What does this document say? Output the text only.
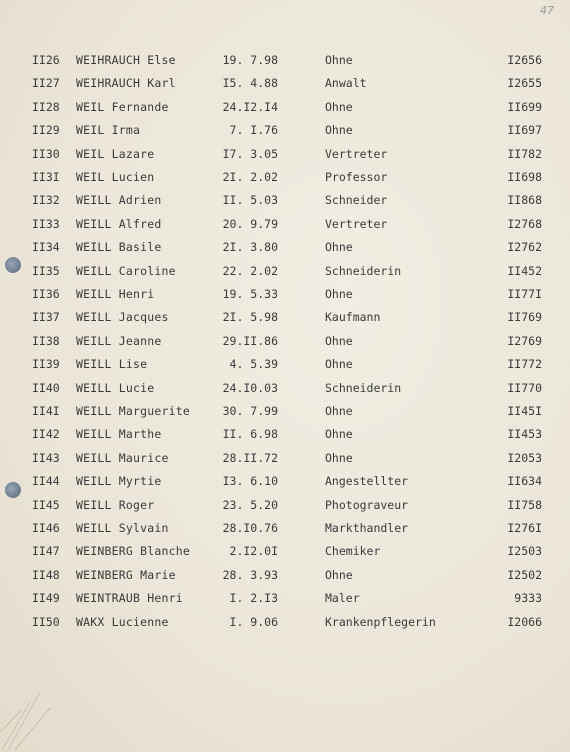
47
II26 WEIHRAUCH Else	19. 7.98	Ohne	I2656
II27 WEIHRAUCH Karl	I5. 4.88	Anwalt	I2655
II28 WEIL Fernande	24.I2.I4	Ohne	II699
II29 WEIL Irma	7. I.76	Ohne	II697
II30 WEIL Lazare	I7. 3.05	Vertreter	II782
II3I WEIL Lucien	2I. 2.02	Professor	II698
II32 WEILL Adrien	II. 5.03	Schneider	II868
II33 WEILL Alfred	20. 9.79	Vertreter	I2768
II34 WEILL Basile	2I. 3.80	Ohne	I2762
II35 WEILL Caroline	22. 2.02	Schneiderin	II452
II36 WEILL Henri	19. 5.33	Ohne	II77I
II37 WEILL Jacques	2I. 5.98	Kaufmann	II769
II38 WEILL Jeanne	29.II.86	Ohne	I2769
II39 WEILL Lise	4. 5.39	Ohne	II772
II40 WEILL Lucie	24.I0.03	Schneiderin	II770
II4I WEILL Marguerite	30. 7.99	Ohne	II45I
II42 WEILL Marthe	II. 6.98	Ohne	II453
II43 WEILL Maurice	28.II.72	Ohne	I2053
II44 WEILL Myrtie	I3. 6.10	Angestellter	II634
II45 WEILL Roger	23. 5.20	Photograveur	II758
II46 WEILL Sylvain	28.I0.76	Markthandler	I276I
II47 WEINBERG Blanche	2.I2.0I	Chemiker	I2503
II48 WEINBERG Marie	28. 3.93	Ohne	I2502
II49 WEINTRAUB Henri	I. 2.I3	Maler	9333
II50 WAKX Lucienne	I. 9.06	Krankenpflegerin	I2066
